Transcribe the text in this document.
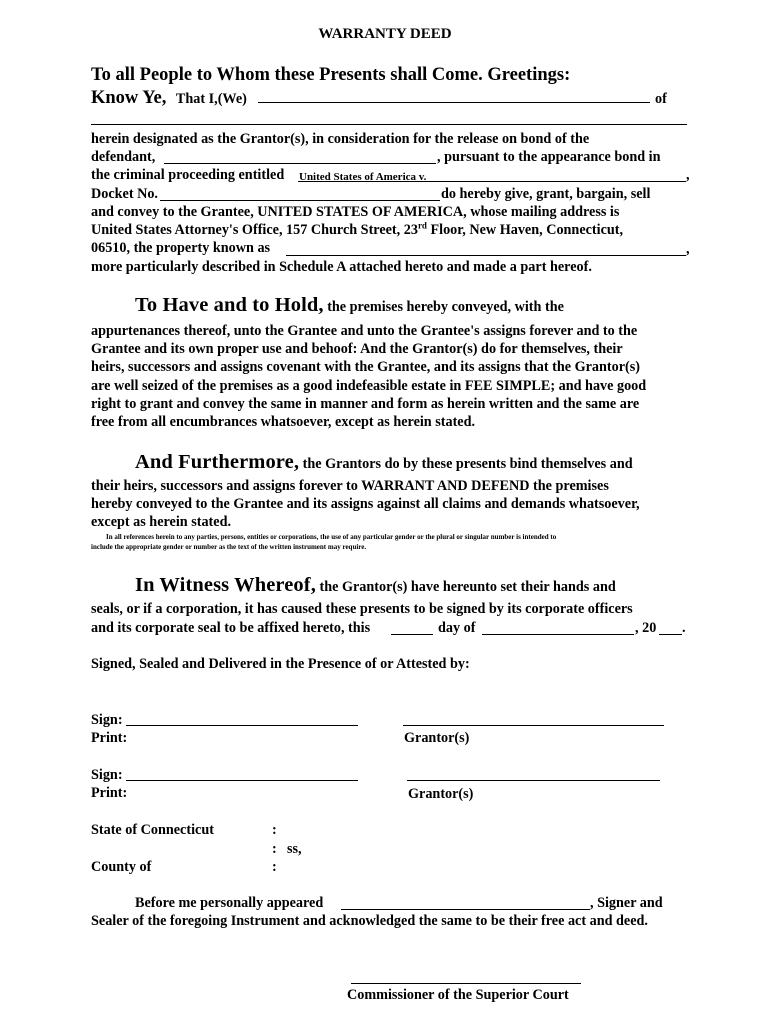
WARRANTY DEED
To all People to Whom these Presents shall Come. Greetings:
Know Ye, That I,(We)	of
herein designated as the Grantor(s), in consideration for the release on bond of the
defendant,	, pursuant to the appearance bond in
the criminal proceeding entitled United States of America v.	,
Docket No.	do hereby give, grant, bargain, sell
and convey to the Grantee, UNITED STATES OF AMERICA, whose mailing address is
United States Attorney's Office, 157 Church Street, 23rd Floor, New Haven, Connecticut,
06510, the property known as	,
more particularly described in Schedule A attached hereto and made a part hereof.
To Have and to Hold, the premises hereby conveyed, with the
appurtenances thereof, unto the Grantee and unto the Grantee's assigns forever and to the
Grantee and its own proper use and behoof: And the Grantor(s) do for themselves, their
heirs, successors and assigns covenant with the Grantee, and its assigns that the Grantor(s)
are well seized of the premises as a good indefeasible estate in FEE SIMPLE; and have good
right to grant and convey the same in manner and form as herein written and the same are
free from all encumbrances whatsoever, except as herein stated.
And Furthermore, the Grantors do by these presents bind themselves and
their heirs, successors and assigns forever to WARRANT AND DEFEND the premises
hereby conveyed to the Grantee and its assigns against all claims and demands whatsoever,
except as herein stated.
In all references herein to any parties, persons, entities or corporations, the use of any particular gender or the plural or singular number is intended to
include the appropriate gender or number as the text of the written instrument may require.
In Witness Whereof, the Grantor(s) have hereunto set their hands and
seals, or if a corporation, it has caused these presents to be signed by its corporate officers
and its corporate seal to be affixed hereto, this	day of	, 20 .
Signed, Sealed and Delivered in the Presence of or Attested by:
Sign:
Print:	Grantor(s)
Sign:
Print:	Grantor(s)
State of Connecticut	:
: ss,
County of	:
Before me personally appeared	, Signer and
Sealer of the foregoing Instrument and acknowledged the same to be their free act and deed.
Commissioner of the Superior Court
